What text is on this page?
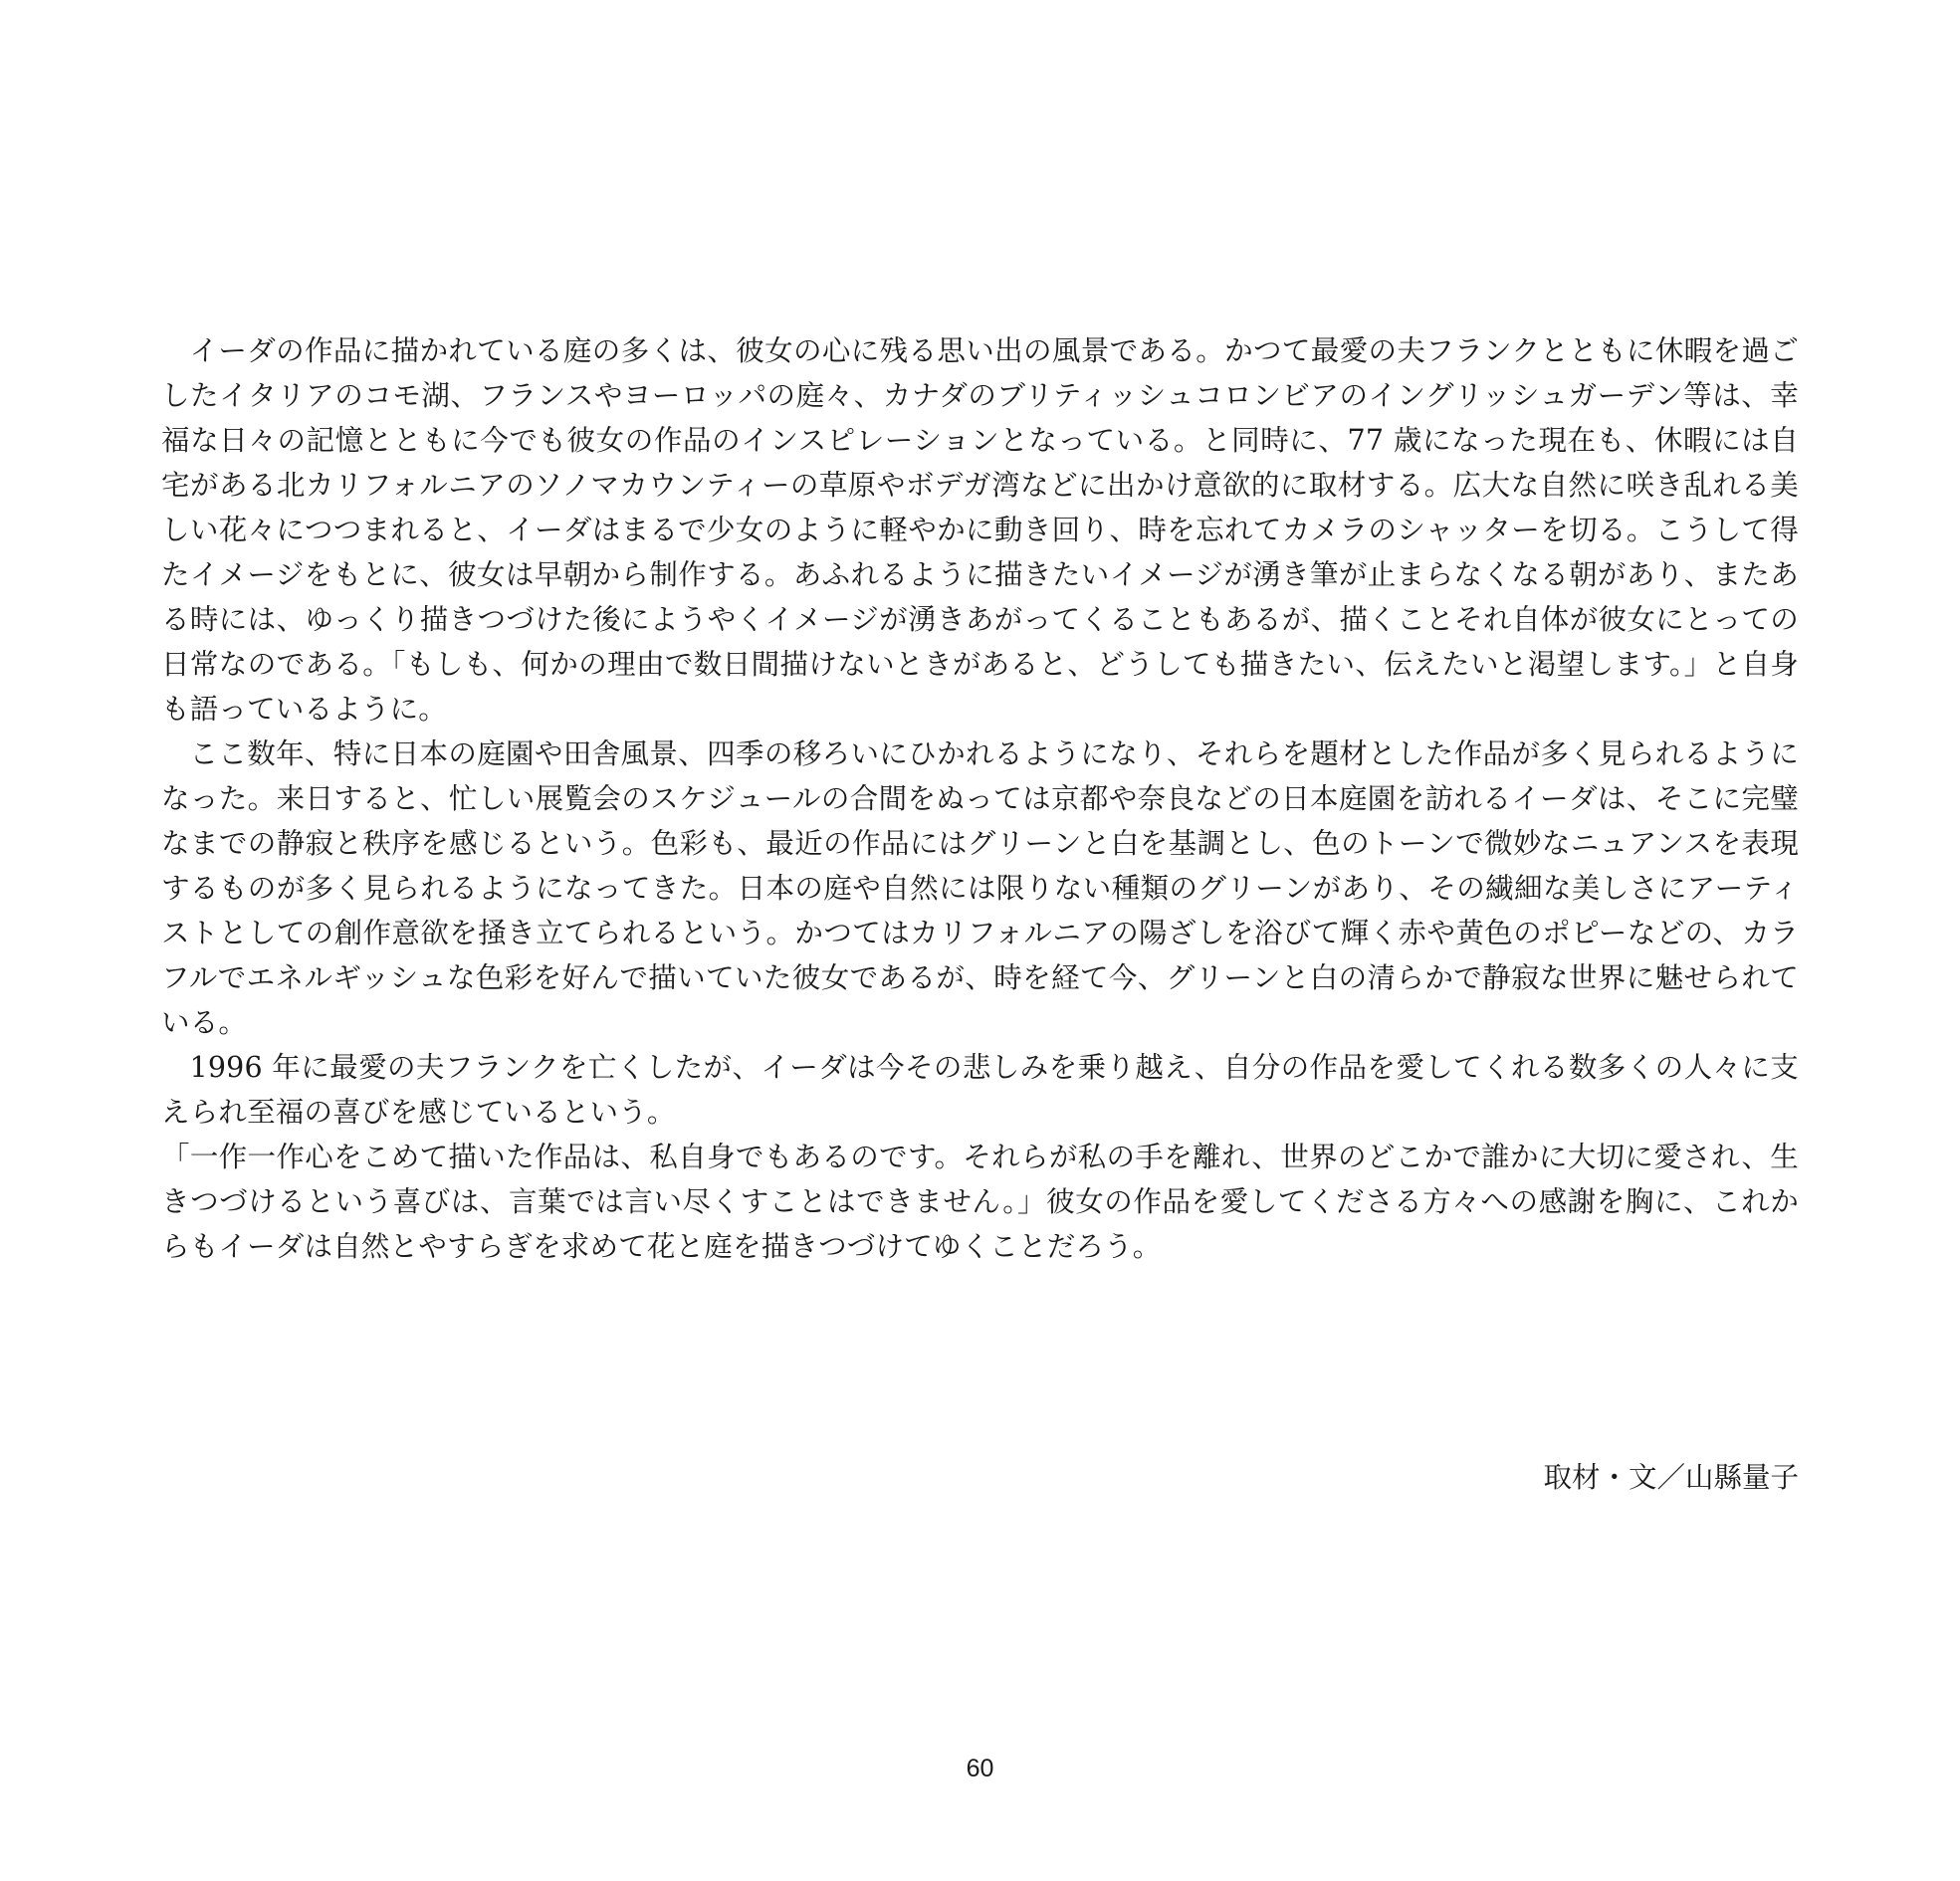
イーダの作品に描かれている庭の多くは、彼女の心に残る思い出の風景である。かつて最愛の夫フランクとともに休暇を過ごしたイタリアのコモ湖、フランスやヨーロッパの庭々、カナダのブリティッシュコロンビアのイングリッシュガーデン等は、幸福な日々の記憶とともに今でも彼女の作品のインスピレーションとなっている。と同時に、77 歳になった現在も、休暇には自宅がある北カリフォルニアのソノマカウンティーの草原やボデガ湾などに出かけ意欲的に取材する。広大な自然に咲き乱れる美しい花々につつまれると、イーダはまるで少女のように軽やかに動き回り、時を忘れてカメラのシャッターを切る。こうして得たイメージをもとに、彼女は早朝から制作する。あふれるように描きたいイメージが湧き筆が止まらなくなる朝があり、またある時には、ゆっくり描きつづけた後にようやくイメージが湧きあがってくることもあるが、描くことそれ自体が彼女にとっての日常なのである。「もしも、何かの理由で数日間描けないときがあると、どうしても描きたい、伝えたいと渇望します。」と自身も語っているように。

ここ数年、特に日本の庭園や田舎風景、四季の移ろいにひかれるようになり、それらを題材とした作品が多く見られるようになった。来日すると、忙しい展覧会のスケジュールの合間をぬっては京都や奈良などの日本庭園を訪れるイーダは、そこに完璧なまでの静寂と秩序を感じるという。色彩も、最近の作品にはグリーンと白を基調とし、色のトーンで微妙なニュアンスを表現するものが多く見られるようになってきた。日本の庭や自然には限りない種類のグリーンがあり、その繊細な美しさにアーティストとしての創作意欲を掻き立てられるという。かつてはカリフォルニアの陽ざしを浴びて輝く赤や黄色のポピーなどの、カラフルでエネルギッシュな色彩を好んで描いていた彼女であるが、時を経て今、グリーンと白の清らかで静寂な世界に魅せられている。

1996 年に最愛の夫フランクを亡くしたが、イーダは今その悲しみを乗り越え、自分の作品を愛してくれる数多くの人々に支えられ至福の喜びを感じているという。

「一作一作心をこめて描いた作品は、私自身でもあるのです。それらが私の手を離れ、世界のどこかで誰かに大切に愛され、生きつづけるという喜びは、言葉では言い尽くすことはできません。」彼女の作品を愛してくださる方々への感謝を胸に、これからもイーダは自然とやすらぎを求めて花と庭を描きつづけてゆくことだろう。

取材・文／山縣量子
60
